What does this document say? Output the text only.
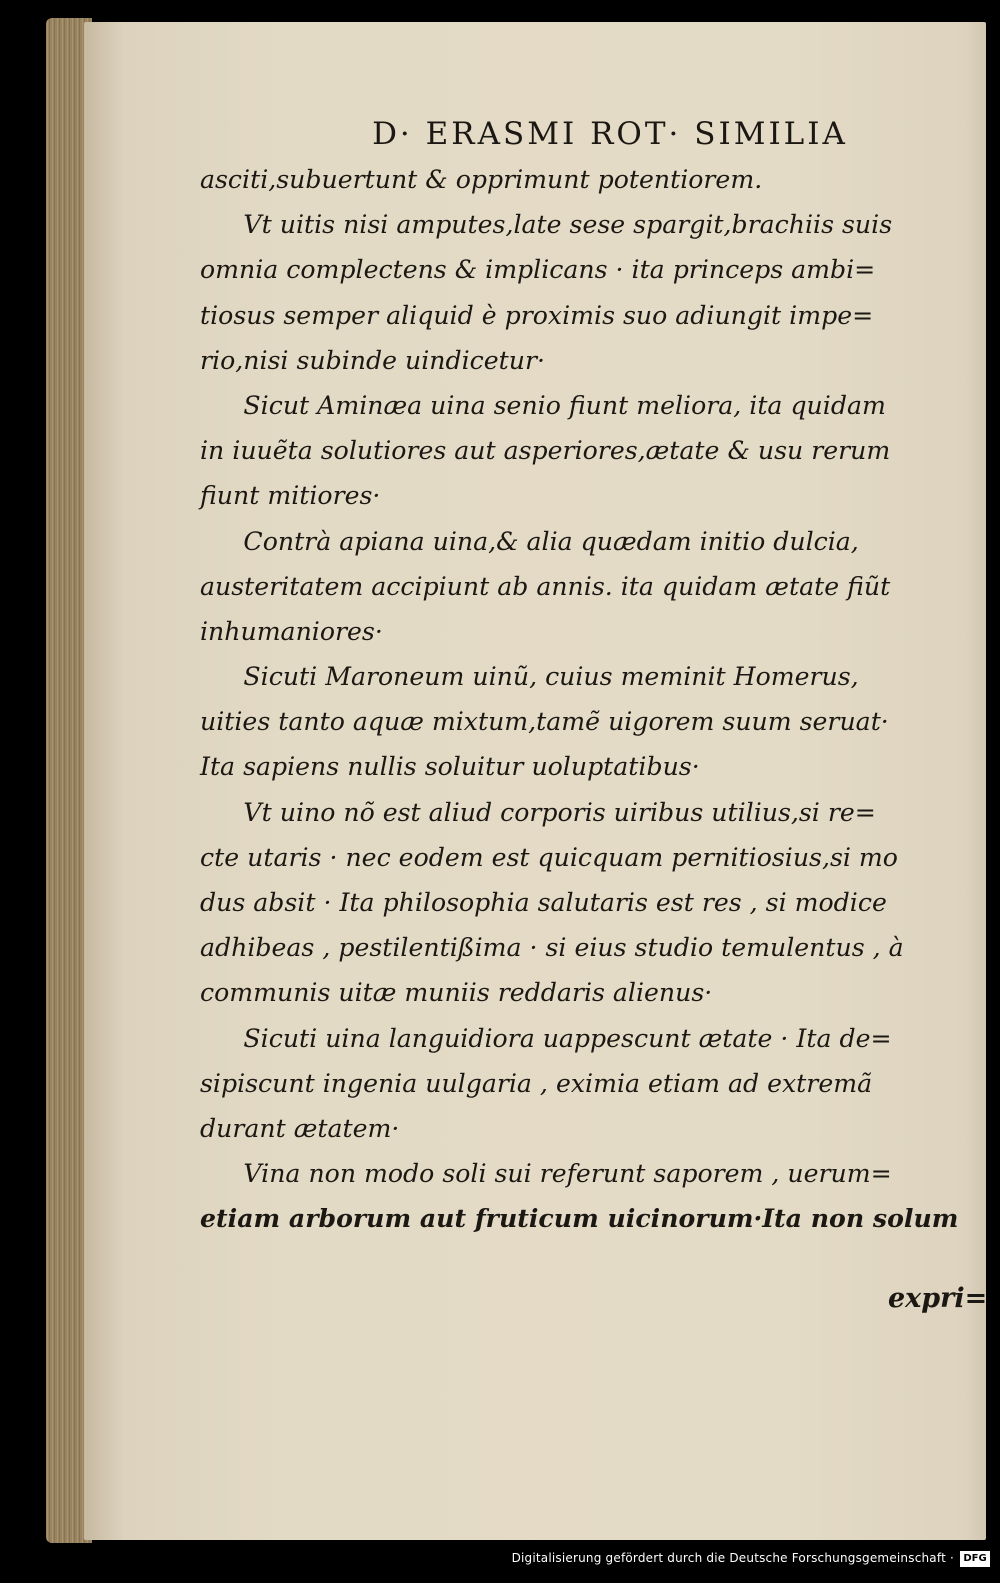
D· ERASMI ROT· SIMILIA
asciti,subuertunt & opprimunt potentiorem.
Vt uitis nisi amputes,late sese spargit,brachiis suis
omnia complectens & implicans · ita princeps ambi=
tiosus semper aliquid è proximis suo adiungit impe=
rio,nisi subinde uindicetur·
Sicut Aminæa uina senio fiunt meliora, ita quidam
in iuuẽta solutiores aut asperiores,ætate & usu rerum
fiunt mitiores·
Contrà apiana uina,& alia quædam initio dulcia,
austeritatem accipiunt ab annis. ita quidam ætate fiũt
inhumaniores·
Sicuti Maroneum uinũ, cuius meminit Homerus,
uities tanto aquæ mixtum,tamẽ uigorem suum seruat·
Ita sapiens nullis soluitur uoluptatibus·
Vt uino nõ est aliud corporis uiribus utilius,si re=
cte utaris · nec eodem est quicquam pernitiosius,si mo
dus absit · Ita philosophia salutaris est res , si modice
adhibeas , pestilentißima · si eius studio temulentus , à
communis uitæ muniis reddaris alienus·
Sicuti uina languidiora uappescunt ætate · Ita de=
sipiscunt ingenia uulgaria , eximia etiam ad extremã
durant ætatem·
Vina non modo soli sui referunt saporem , uerum=
etiam arborum aut fruticum uicinorum·Ita non solum
expri=
Digitalisierung gefördert durch die Deutsche Forschungsgemeinschaft · DFG
